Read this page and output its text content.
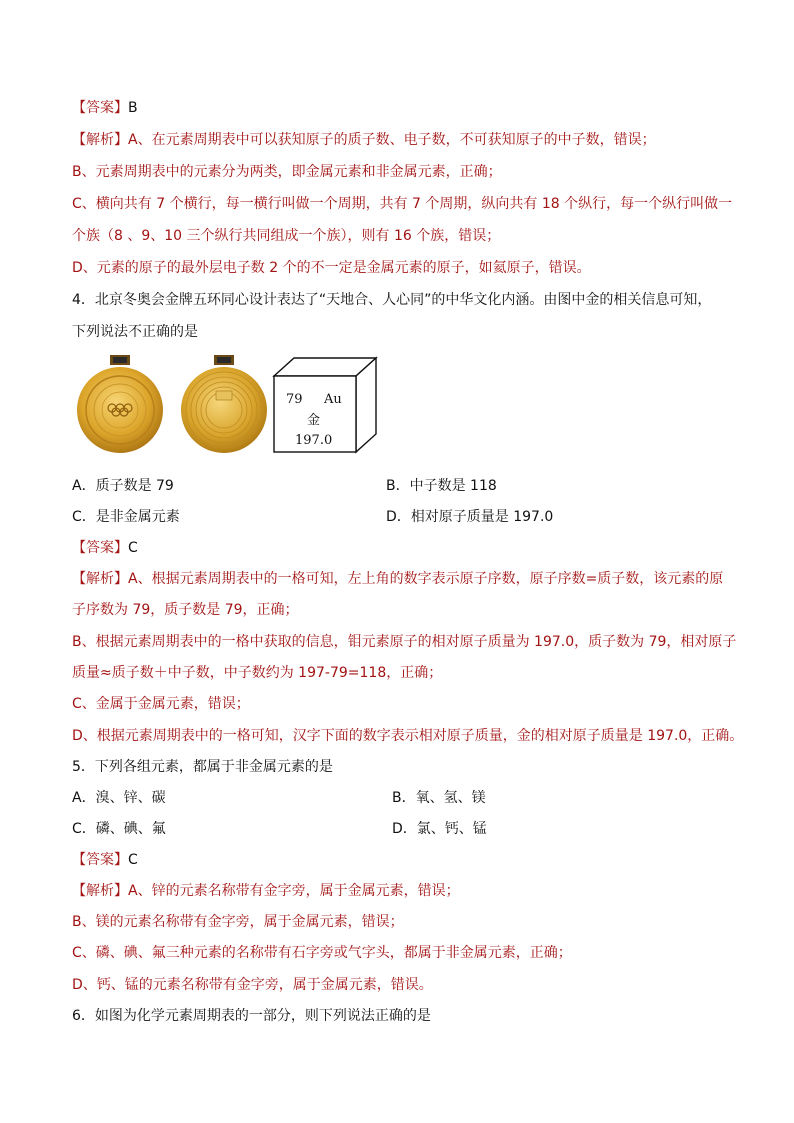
【答案】B
【解析】A、在元素周期表中可以获知原子的质子数、电子数，不可获知原子的中子数，错误；
B、元素周期表中的元素分为两类，即金属元素和非金属元素，正确；
C、横向共有 7 个横行，每一横行叫做一个周期，共有 7 个周期，纵向共有 18 个纵行，每一个纵行叫做一
个族（8 、9、10 三个纵行共同组成一个族），则有 16 个族，错误；
D、元素的原子的最外层电子数 2 个的不一定是金属元素的原子，如氦原子，错误。
4．北京冬奥会金牌五环同心设计表达了“天地合、人心同”的中华文化内涵。由图中金的相关信息可知，
下列说法不正确的是
79 Au
金
197.0
A．质子数是 79	B．中子数是 118
C．是非金属元素	D．相对原子质量是 197.0
【答案】C
【解析】A、根据元素周期表中的一格可知，左上角的数字表示原子序数，原子序数=质子数，该元素的原
子序数为 79，质子数是 79，正确；
B、根据元素周期表中的一格中获取的信息，钼元素原子的相对原子质量为 197.0，质子数为 79，相对原子
质量≈质子数＋中子数，中子数约为 197-79=118，正确；
C、金属于金属元素，错误；
D、根据元素周期表中的一格可知，汉字下面的数字表示相对原子质量，金的相对原子质量是 197.0，正确。
5．下列各组元素，都属于非金属元素的是
A．溴、锌、碳	B．氧、氢、镁
C．磷、碘、氟	D．氯、钙、锰
【答案】C
【解析】A、锌的元素名称带有金字旁，属于金属元素，错误；
B、镁的元素名称带有金字旁，属于金属元素，错误；
C、磷、碘、氟三种元素的名称带有石字旁或气字头，都属于非金属元素，正确；
D、钙、锰的元素名称带有金字旁，属于金属元素，错误。
6．如图为化学元素周期表的一部分，则下列说法正确的是
